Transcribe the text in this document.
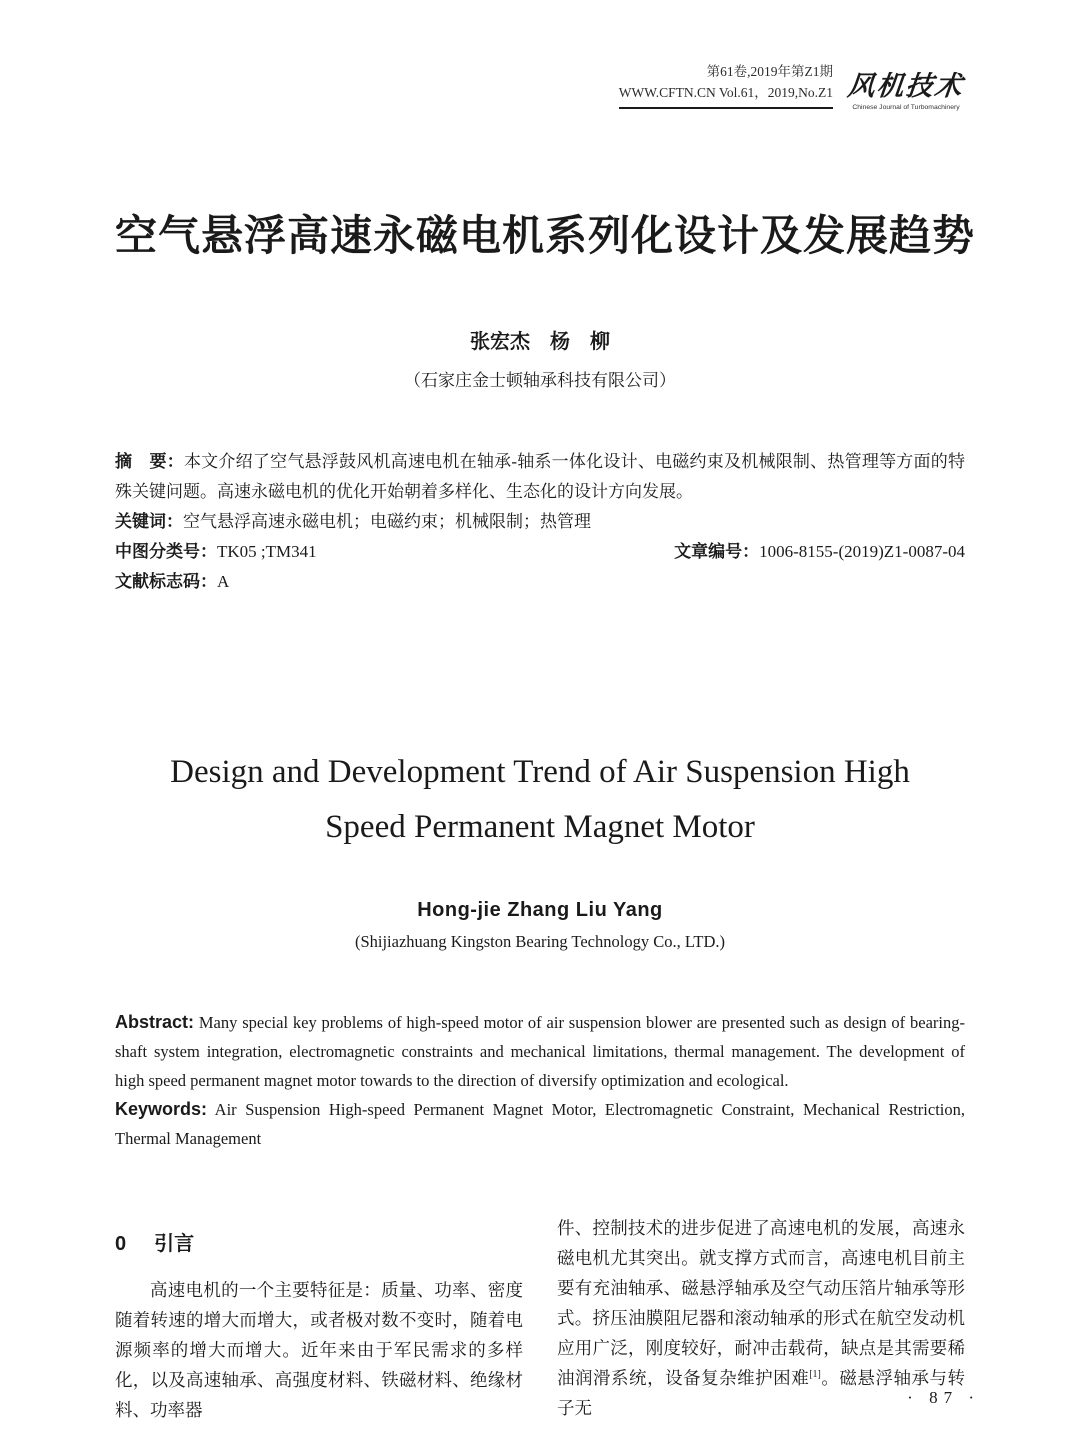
第61卷,2019年第Z1期
WWW.CFTN.CN Vol.61，2019,No.Z1 风机技术
Chinese Journal of Turbomachinery
空气悬浮高速永磁电机系列化设计及发展趋势
张宏杰　杨　柳
（石家庄金士顿轴承科技有限公司）
摘　要：本文介绍了空气悬浮鼓风机高速电机在轴承-轴系一体化设计、电磁约束及机械限制、热管理等方面的特殊关键问题。高速永磁电机的优化开始朝着多样化、生态化的设计方向发展。
关键词：空气悬浮高速永磁电机；电磁约束；机械限制；热管理
中图分类号：TK05 ;TM341	文章编号：1006-8155-(2019)Z1-0087-04
文献标志码：A
Design and Development Trend of Air Suspension High
Speed Permanent Magnet Motor
Hong-jie Zhang Liu Yang
(Shijiazhuang Kingston Bearing Technology Co., LTD.)
Abstract: Many special key problems of high-speed motor of air suspension blower are presented such as design of bearing-shaft system integration, electromagnetic constraints and mechanical limitations, thermal management. The development of high speed permanent magnet motor towards to the direction of diversify optimization and ecological.
Keywords: Air Suspension High-speed Permanent Magnet Motor, Electromagnetic Constraint, Mechanical Restriction, Thermal Management
0 引言

高速电机的一个主要特征是：质量、功率、密度随着转速的增大而增大，或者极对数不变时，随着电源频率的增大而增大。近年来由于军民需求的多样化，以及高速轴承、高强度材料、铁磁材料、绝缘材料、功率器

件、控制技术的进步促进了高速电机的发展，高速永磁电机尤其突出。就支撑方式而言，高速电机目前主要有充油轴承、磁悬浮轴承及空气动压箔片轴承等形式。挤压油膜阻尼器和滚动轴承的形式在航空发动机应用广泛，刚度较好，耐冲击载荷，缺点是其需要稀油润滑系统，设备复杂维护困难[1]。磁悬浮轴承与转子无

· 87 ·
